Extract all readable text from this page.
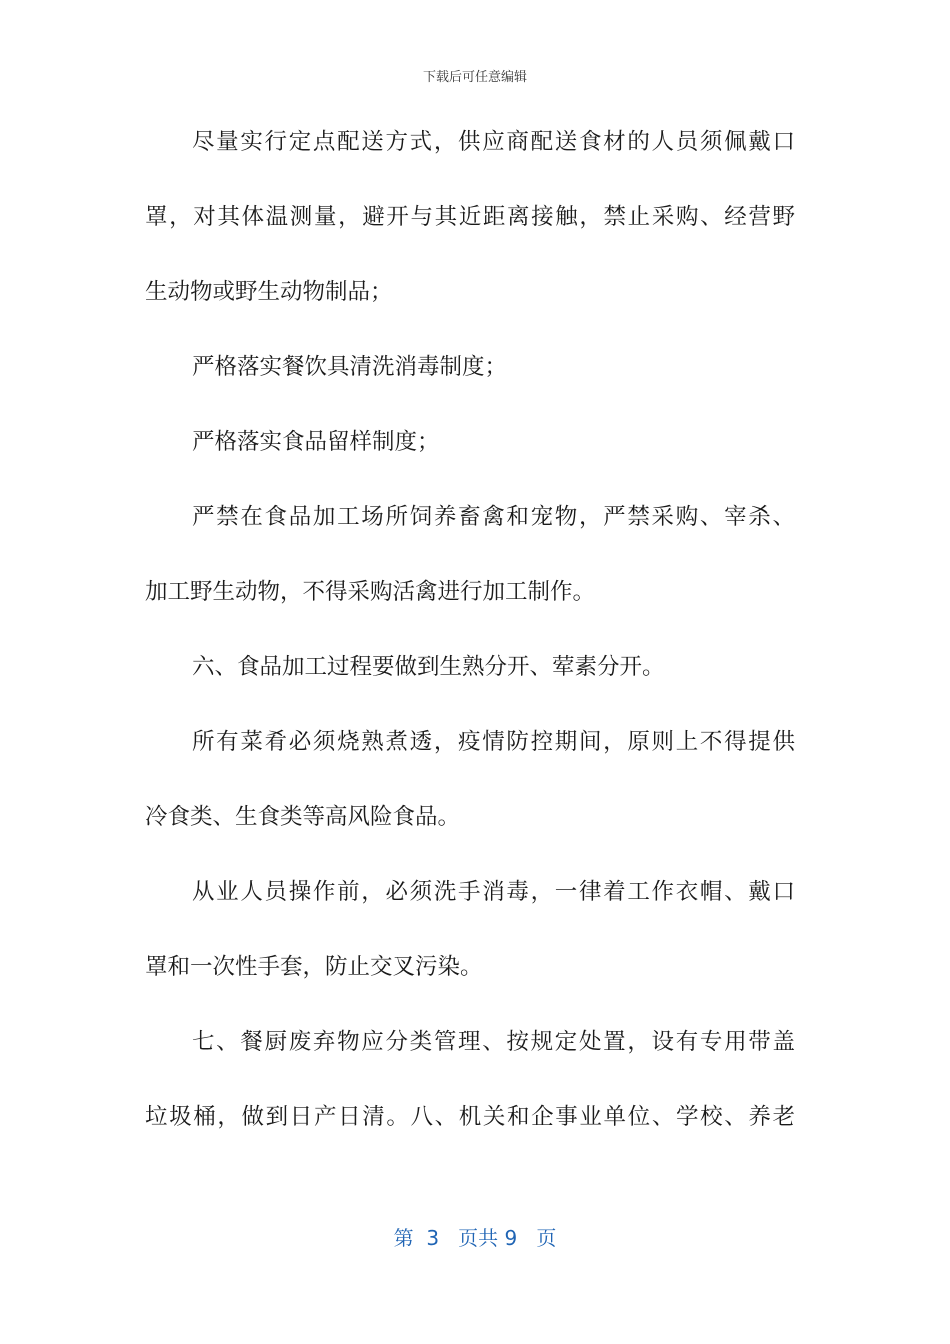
下载后可任意编辑
尽量实行定点配送方式，供应商配送食材的人员须佩戴口
罩，对其体温测量，避开与其近距离接触，禁止采购、经营野
生动物或野生动物制品；
严格落实餐饮具清洗消毒制度；
严格落实食品留样制度；
严禁在食品加工场所饲养畜禽和宠物，严禁采购、宰杀、
加工野生动物，不得采购活禽进行加工制作。
六、食品加工过程要做到生熟分开、荤素分开。
所有菜肴必须烧熟煮透，疫情防控期间，原则上不得提供
冷食类、生食类等高风险食品。
从业人员操作前，必须洗手消毒，一律着工作衣帽、戴口
罩和一次性手套，防止交叉污染。
七、餐厨废弃物应分类管理、按规定处置，设有专用带盖
垃圾桶，做到日产日清。八、机关和企事业单位、学校、养老
第  3   页共 9   页
